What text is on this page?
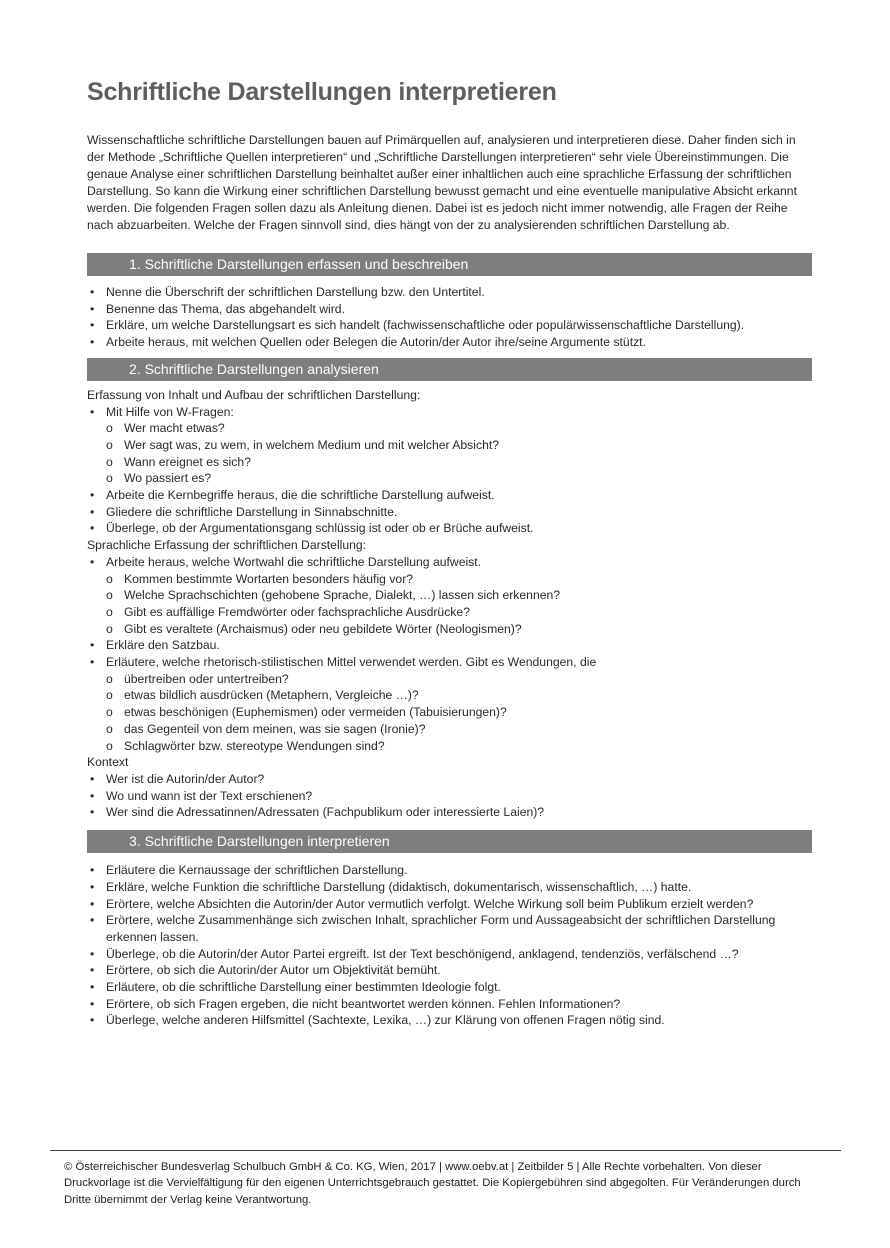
Schriftliche Darstellungen interpretieren

Wissenschaftliche schriftliche Darstellungen bauen auf Primärquellen auf, analysieren und interpretieren diese. Daher finden sich in der Methode „Schriftliche Quellen interpretieren“ und „Schriftliche Darstellungen interpretieren“ sehr viele Übereinstimmungen. Die genaue Analyse einer schriftlichen Darstellung beinhaltet außer einer inhaltlichen auch eine sprachliche Erfassung der schriftlichen Darstellung. So kann die Wirkung einer schriftlichen Darstellung bewusst gemacht und eine eventuelle manipulative Absicht erkannt werden. Die folgenden Fragen sollen dazu als Anleitung dienen. Dabei ist es jedoch nicht immer notwendig, alle Fragen der Reihe nach abzuarbeiten. Welche der Fragen sinnvoll sind, dies hängt von der zu analysierenden schriftlichen Darstellung ab.

1. Schriftliche Darstellungen erfassen und beschreiben
• Nenne die Überschrift der schriftlichen Darstellung bzw. den Untertitel.
• Benenne das Thema, das abgehandelt wird.
• Erkläre, um welche Darstellungsart es sich handelt (fachwissenschaftliche oder populärwissenschaftliche Darstellung).
• Arbeite heraus, mit welchen Quellen oder Belegen die Autorin/der Autor ihre/seine Argumente stützt.
2. Schriftliche Darstellungen analysieren
Erfassung von Inhalt und Aufbau der schriftlichen Darstellung:
• Mit Hilfe von W-Fragen:
o Wer macht etwas?
o Wer sagt was, zu wem, in welchem Medium und mit welcher Absicht?
o Wann ereignet es sich?
o Wo passiert es?
• Arbeite die Kernbegriffe heraus, die die schriftliche Darstellung aufweist.
• Gliedere die schriftliche Darstellung in Sinnabschnitte.
• Überlege, ob der Argumentationsgang schlüssig ist oder ob er Brüche aufweist.
Sprachliche Erfassung der schriftlichen Darstellung:
• Arbeite heraus, welche Wortwahl die schriftliche Darstellung aufweist.
o Kommen bestimmte Wortarten besonders häufig vor?
o Welche Sprachschichten (gehobene Sprache, Dialekt, …) lassen sich erkennen?
o Gibt es auffällige Fremdwörter oder fachsprachliche Ausdrücke?
o Gibt es veraltete (Archaismus) oder neu gebildete Wörter (Neologismen)?
• Erkläre den Satzbau.
• Erläutere, welche rhetorisch-stilistischen Mittel verwendet werden. Gibt es Wendungen, die
o übertreiben oder untertreiben?
o etwas bildlich ausdrücken (Metaphern, Vergleiche …)?
o etwas beschönigen (Euphemismen) oder vermeiden (Tabuisierungen)?
o das Gegenteil von dem meinen, was sie sagen (Ironie)?
o Schlagwörter bzw. stereotype Wendungen sind?
Kontext
• Wer ist die Autorin/der Autor?
• Wo und wann ist der Text erschienen?
• Wer sind die Adressatinnen/Adressaten (Fachpublikum oder interessierte Laien)?
3. Schriftliche Darstellungen interpretieren
• Erläutere die Kernaussage der schriftlichen Darstellung.
• Erkläre, welche Funktion die schriftliche Darstellung (didaktisch, dokumentarisch, wissenschaftlich, …) hatte.
• Erörtere, welche Absichten die Autorin/der Autor vermutlich verfolgt. Welche Wirkung soll beim Publikum erzielt werden?
• Erörtere, welche Zusammenhänge sich zwischen Inhalt, sprachlicher Form und Aussageabsicht der schriftlichen Darstellung erkennen lassen.
• Überlege, ob die Autorin/der Autor Partei ergreift. Ist der Text beschönigend, anklagend, tendenziös, verfälschend …?
• Erörtere, ob sich die Autorin/der Autor um Objektivität bemüht.
• Erläutere, ob die schriftliche Darstellung einer bestimmten Ideologie folgt.
• Erörtere, ob sich Fragen ergeben, die nicht beantwortet werden können. Fehlen Informationen?
• Überlege, welche anderen Hilfsmittel (Sachtexte, Lexika, …) zur Klärung von offenen Fragen nötig sind.

© Österreichischer Bundesverlag Schulbuch GmbH & Co. KG, Wien, 2017 | www.oebv.at | Zeitbilder 5 | Alle Rechte vorbehalten. Von dieser Druckvorlage ist die Vervielfältigung für den eigenen Unterrichtsgebrauch gestattet. Die Kopiergebühren sind abgegolten. Für Veränderungen durch Dritte übernimmt der Verlag keine Verantwortung.
